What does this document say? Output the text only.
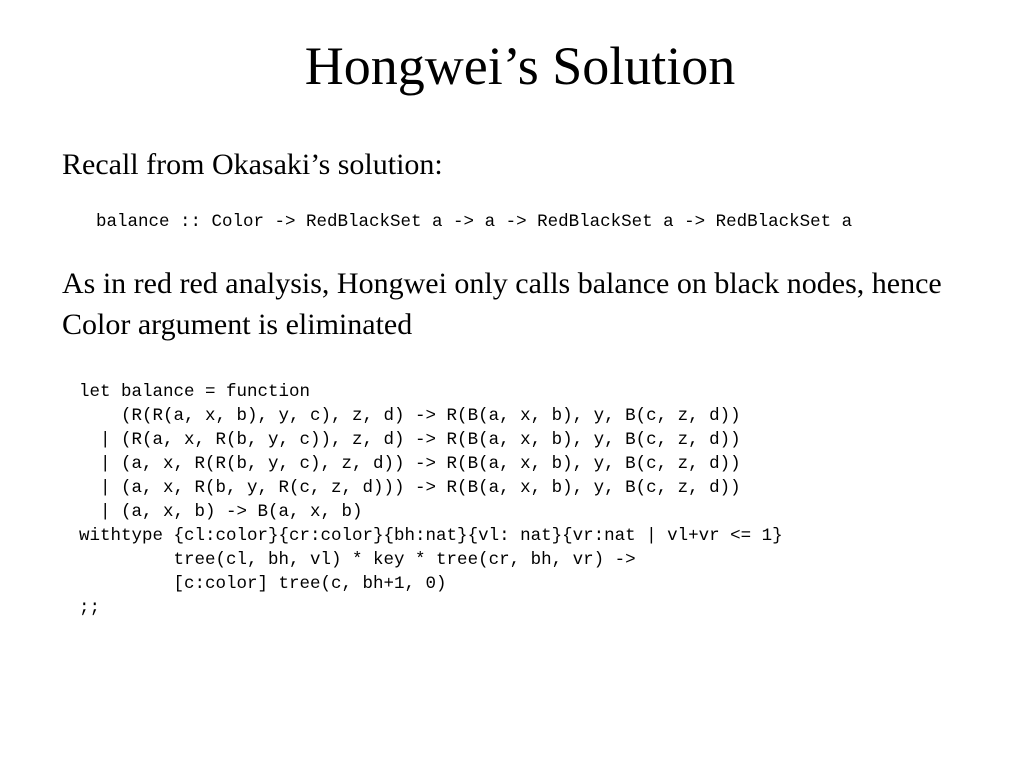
Hongwei’s Solution

Recall from Okasaki’s solution:

balance :: Color -> RedBlackSet a -> a -> RedBlackSet a -> RedBlackSet a

As in red red analysis, Hongwei only calls balance on black nodes, hence Color argument is eliminated

let balance = function
(R(R(a, x, b), y, c), z, d) -> R(B(a, x, b), y, B(c, z, d))
| (R(a, x, R(b, y, c)), z, d) -> R(B(a, x, b), y, B(c, z, d))
| (a, x, R(R(b, y, c), z, d)) -> R(B(a, x, b), y, B(c, z, d))
| (a, x, R(b, y, R(c, z, d))) -> R(B(a, x, b), y, B(c, z, d))
| (a, x, b) -> B(a, x, b)
withtype {cl:color}{cr:color}{bh:nat}{vl: nat}{vr:nat | vl+vr <= 1}
tree(cl, bh, vl) * key * tree(cr, bh, vr) ->
[c:color] tree(c, bh+1, 0)
;;
